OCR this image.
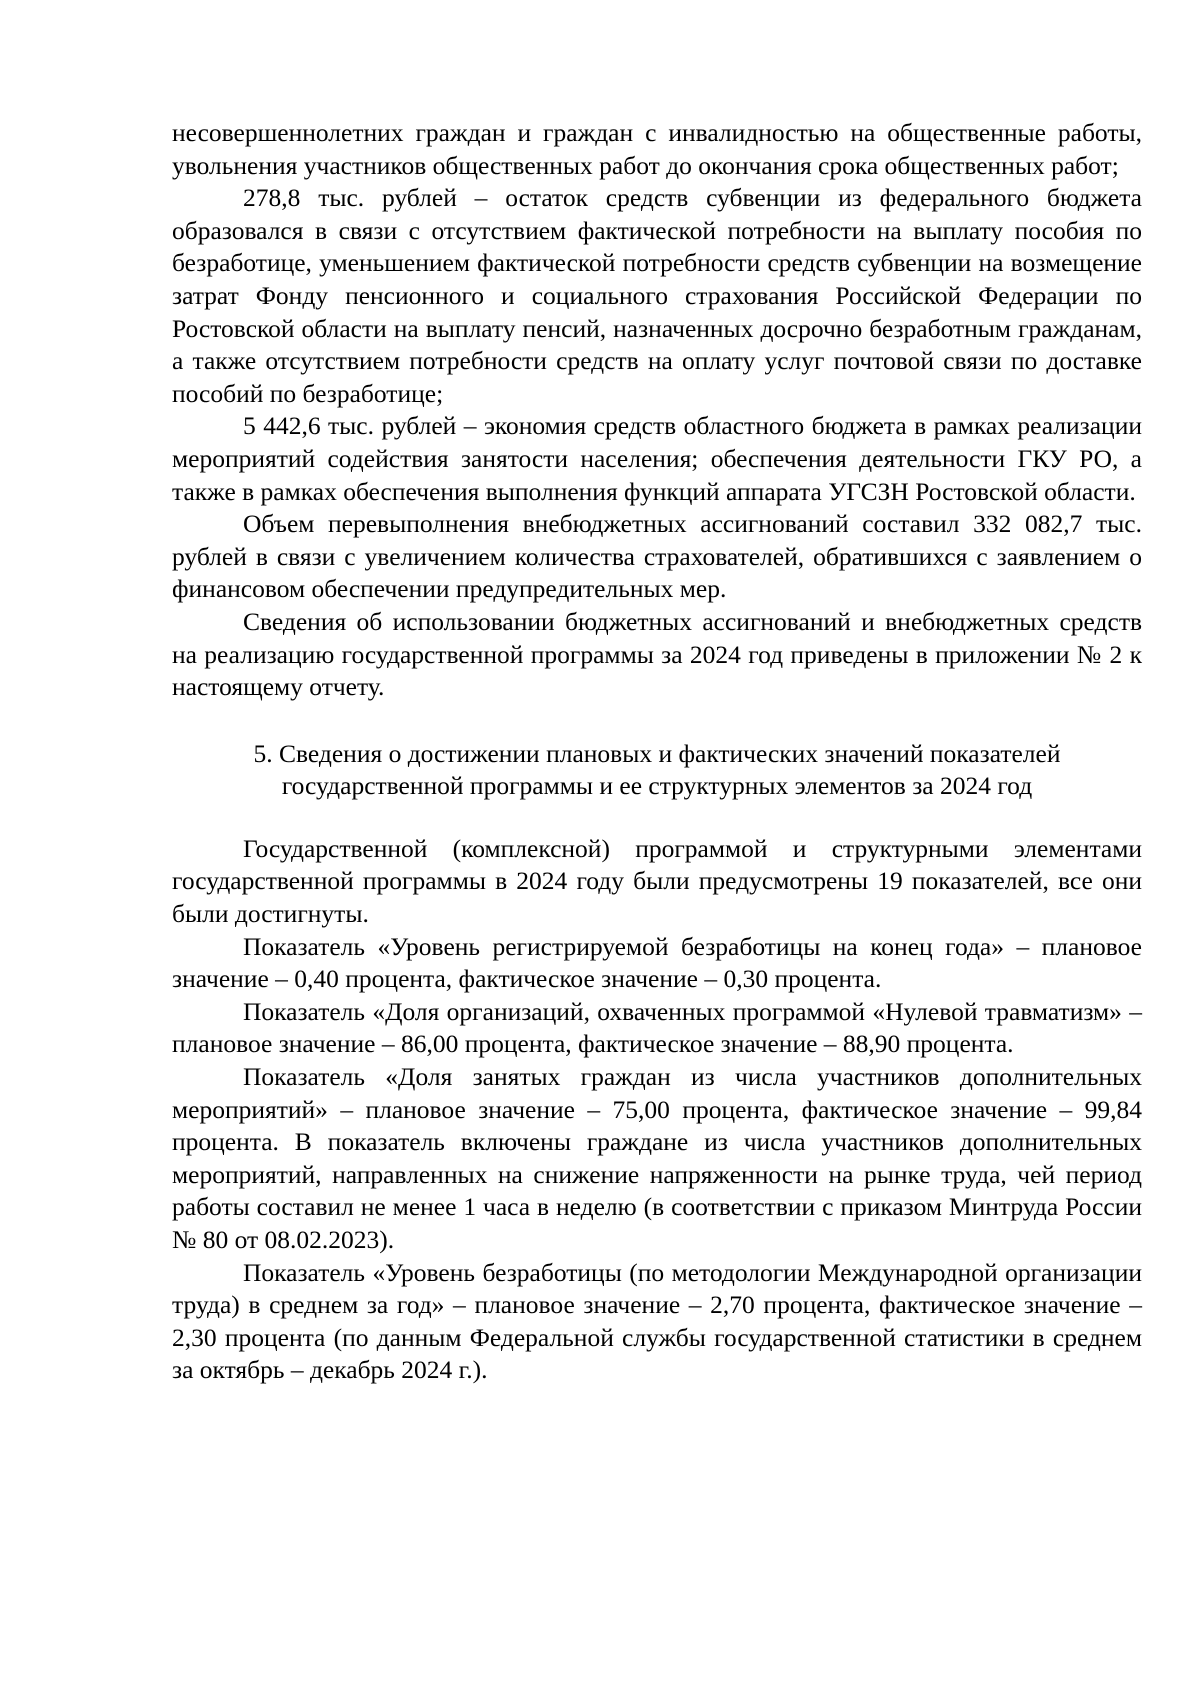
несовершеннолетних граждан и граждан с инвалидностью на общественные работы, увольнения участников общественных работ до окончания срока общественных работ;

278,8 тыс. рублей – остаток средств субвенции из федерального бюджета образовался в связи с отсутствием фактической потребности на выплату пособия по безработице, уменьшением фактической потребности средств субвенции на возмещение затрат Фонду пенсионного и социального страхования Российской Федерации по Ростовской области на выплату пенсий, назначенных досрочно безработным гражданам, а также отсутствием потребности средств на оплату услуг почтовой связи по доставке пособий по безработице;

5 442,6 тыс. рублей – экономия средств областного бюджета в рамках реализации мероприятий содействия занятости населения; обеспечения деятельности ГКУ РО, а также в рамках обеспечения выполнения функций аппарата УГСЗН Ростовской области.

Объем перевыполнения внебюджетных ассигнований составил 332 082,7 тыс. рублей в связи с увеличением количества страхователей, обратившихся с заявлением о финансовом обеспечении предупредительных мер.

Сведения об использовании бюджетных ассигнований и внебюджетных средств на реализацию государственной программы за 2024 год приведены в приложении № 2 к настоящему отчету.

5. Сведения о достижении плановых и фактических значений показателей
государственной программы и ее структурных элементов за 2024 год

Государственной (комплексной) программой и структурными элементами государственной программы в 2024 году были предусмотрены 19 показателей, все они были достигнуты.

Показатель «Уровень регистрируемой безработицы на конец года» – плановое значение – 0,40 процента, фактическое значение – 0,30 процента.

Показатель «Доля организаций, охваченных программой «Нулевой травматизм» – плановое значение – 86,00 процента, фактическое значение – 88,90 процента.

Показатель «Доля занятых граждан из числа участников дополнительных мероприятий» – плановое значение – 75,00 процента, фактическое значение – 99,84 процента. В показатель включены граждане из числа участников дополнительных мероприятий, направленных на снижение напряженности на рынке труда, чей период работы составил не менее 1 часа в неделю (в соответствии с приказом Минтруда России № 80 от 08.02.2023).

Показатель «Уровень безработицы (по методологии Международной организации труда) в среднем за год» – плановое значение – 2,70 процента, фактическое значение – 2,30 процента (по данным Федеральной службы государственной статистики в среднем за октябрь – декабрь 2024 г.).
